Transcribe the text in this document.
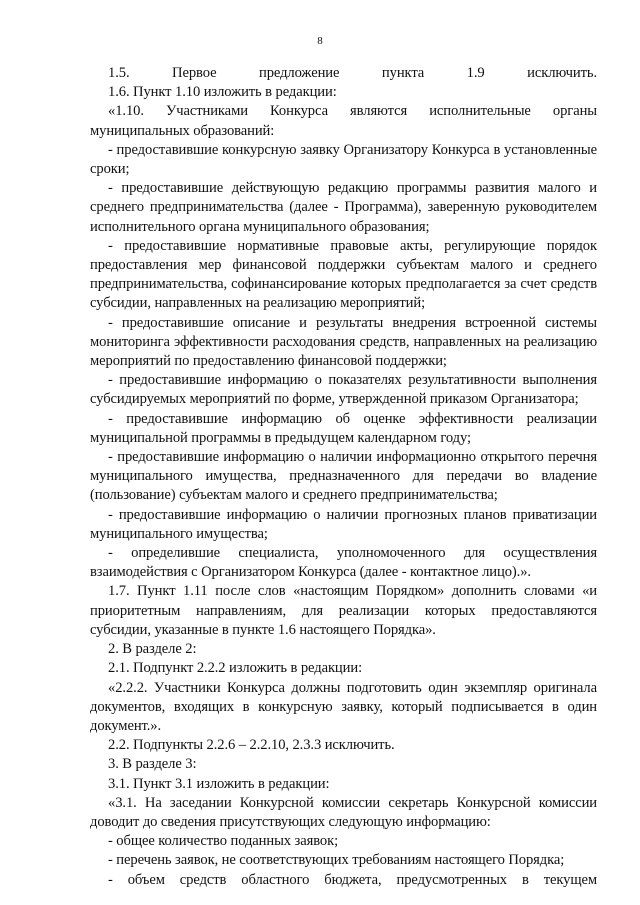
8

1.5. Первое предложение пункта 1.9 исключить.

1.6. Пункт 1.10 изложить в редакции:

«1.10. Участниками Конкурса являются исполнительные органы муниципальных образований:

- предоставившие конкурсную заявку Организатору Конкурса в установленные сроки;

- предоставившие действующую редакцию программы развития малого и среднего предпринимательства (далее - Программа), заверенную руководителем исполнительного органа муниципального образования;

- предоставившие нормативные правовые акты, регулирующие порядок предоставления мер финансовой поддержки субъектам малого и среднего предпринимательства, софинансирование которых предполагается за счет средств субсидии, направленных на реализацию мероприятий;

- предоставившие описание и результаты внедрения встроенной системы мониторинга эффективности расходования средств, направленных на реализацию мероприятий по предоставлению финансовой поддержки;

- предоставившие информацию о показателях результативности выполнения субсидируемых мероприятий по форме, утвержденной приказом Организатора;

- предоставившие информацию об оценке эффективности реализации муниципальной программы в предыдущем календарном году;

- предоставившие информацию о наличии информационно открытого перечня муниципального имущества, предназначенного для передачи во владение (пользование) субъектам малого и среднего предпринимательства;

- предоставившие информацию о наличии прогнозных планов приватизации муниципального имущества;

- определившие специалиста, уполномоченного для осуществления взаимодействия с Организатором Конкурса (далее - контактное лицо).».

1.7. Пункт 1.11 после слов «настоящим Порядком» дополнить словами «и приоритетным направлениям, для реализации которых предоставляются субсидии, указанные в пункте 1.6 настоящего Порядка».

2. В разделе 2:

2.1. Подпункт 2.2.2 изложить в редакции:

«2.2.2. Участники Конкурса должны подготовить один экземпляр оригинала документов, входящих в конкурсную заявку, который подписывается в один документ.».

2.2. Подпункты 2.2.6 – 2.2.10, 2.3.3 исключить.

3. В разделе 3:

3.1. Пункт 3.1 изложить в редакции:

«3.1. На заседании Конкурсной комиссии секретарь Конкурсной комиссии доводит до сведения присутствующих следующую информацию:

- общее количество поданных заявок;

- перечень заявок, не соответствующих требованиям настоящего Порядка;

- объем средств областного бюджета, предусмотренных в текущем
